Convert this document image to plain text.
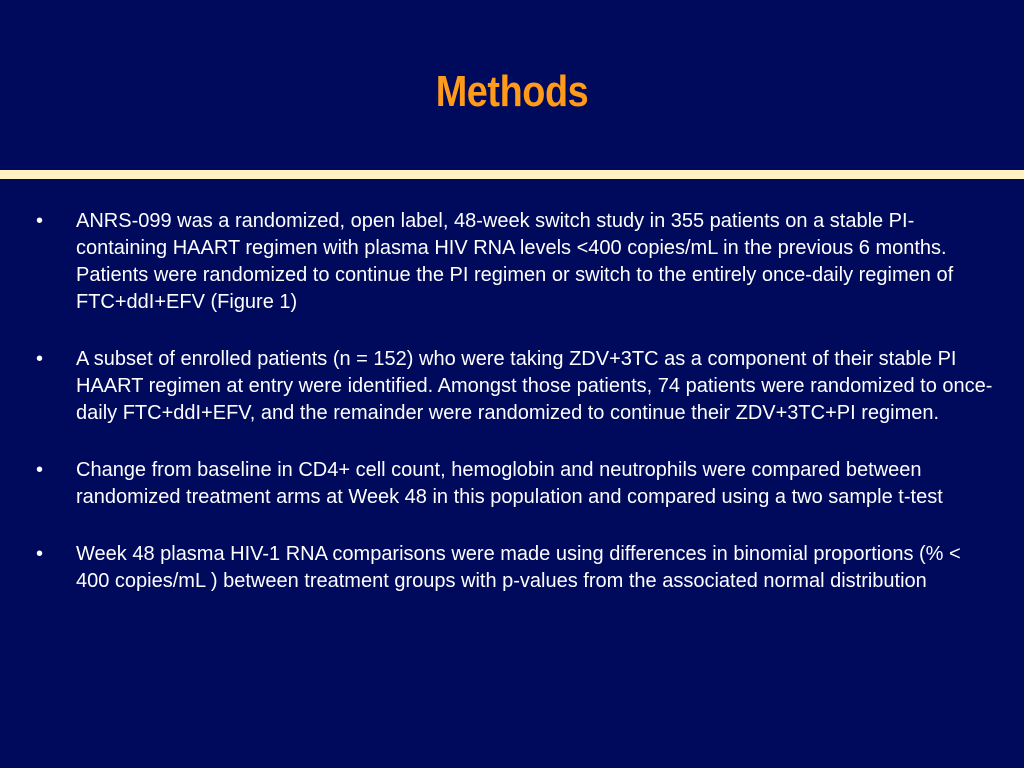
Methods
• ANRS-099 was a randomized, open label, 48-week switch study in 355 patients on a stable PI-containing HAART regimen with plasma HIV RNA levels <400 copies/mL in the previous 6 months. Patients were randomized to continue the PI regimen or switch to the entirely once-daily regimen of FTC+ddI+EFV (Figure 1)
• A subset of enrolled patients (n = 152) who were taking ZDV+3TC as a component of their stable PI HAART regimen at entry were identified. Amongst those patients, 74 patients were randomized to once-daily FTC+ddI+EFV, and the remainder were randomized to continue their ZDV+3TC+PI regimen.
• Change from baseline in CD4+ cell count, hemoglobin and neutrophils were compared between randomized treatment arms at Week 48 in this population and compared using a two sample t-test
• Week 48 plasma HIV-1 RNA comparisons were made using differences in binomial proportions (% < 400 copies/mL ) between treatment groups with p-values from the associated normal distribution
